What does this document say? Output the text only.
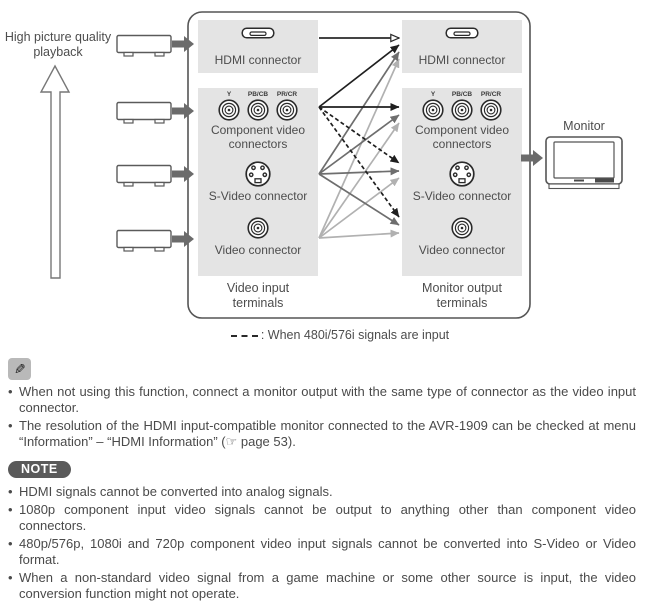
High picture quality playback
HDMI connector
Y	PB/CB	PR/CR
Component video connectors
S-Video connector
Video connector
Video input terminals
HDMI connector
Y	PB/CB	PR/CR
Component video connectors
S-Video connector
Video connector
Monitor output terminals
Monitor
: When 480i/576i signals are input
✎
• When not using this function, connect a monitor output with the same type of connector as the video input connector.
• The resolution of the HDMI input-compatible monitor connected to the AVR-1909 can be checked at menu “Information” – “HDMI Information” (☞ page 53).
NOTE
• HDMI signals cannot be converted into analog signals.
• 1080p component input video signals cannot be output to anything other than component video connectors.
• 480p/576p, 1080i and 720p component video input signals cannot be converted into S-Video or Video format.
• When a non-standard video signal from a game machine or some other source is input, the video conversion function might not operate.
